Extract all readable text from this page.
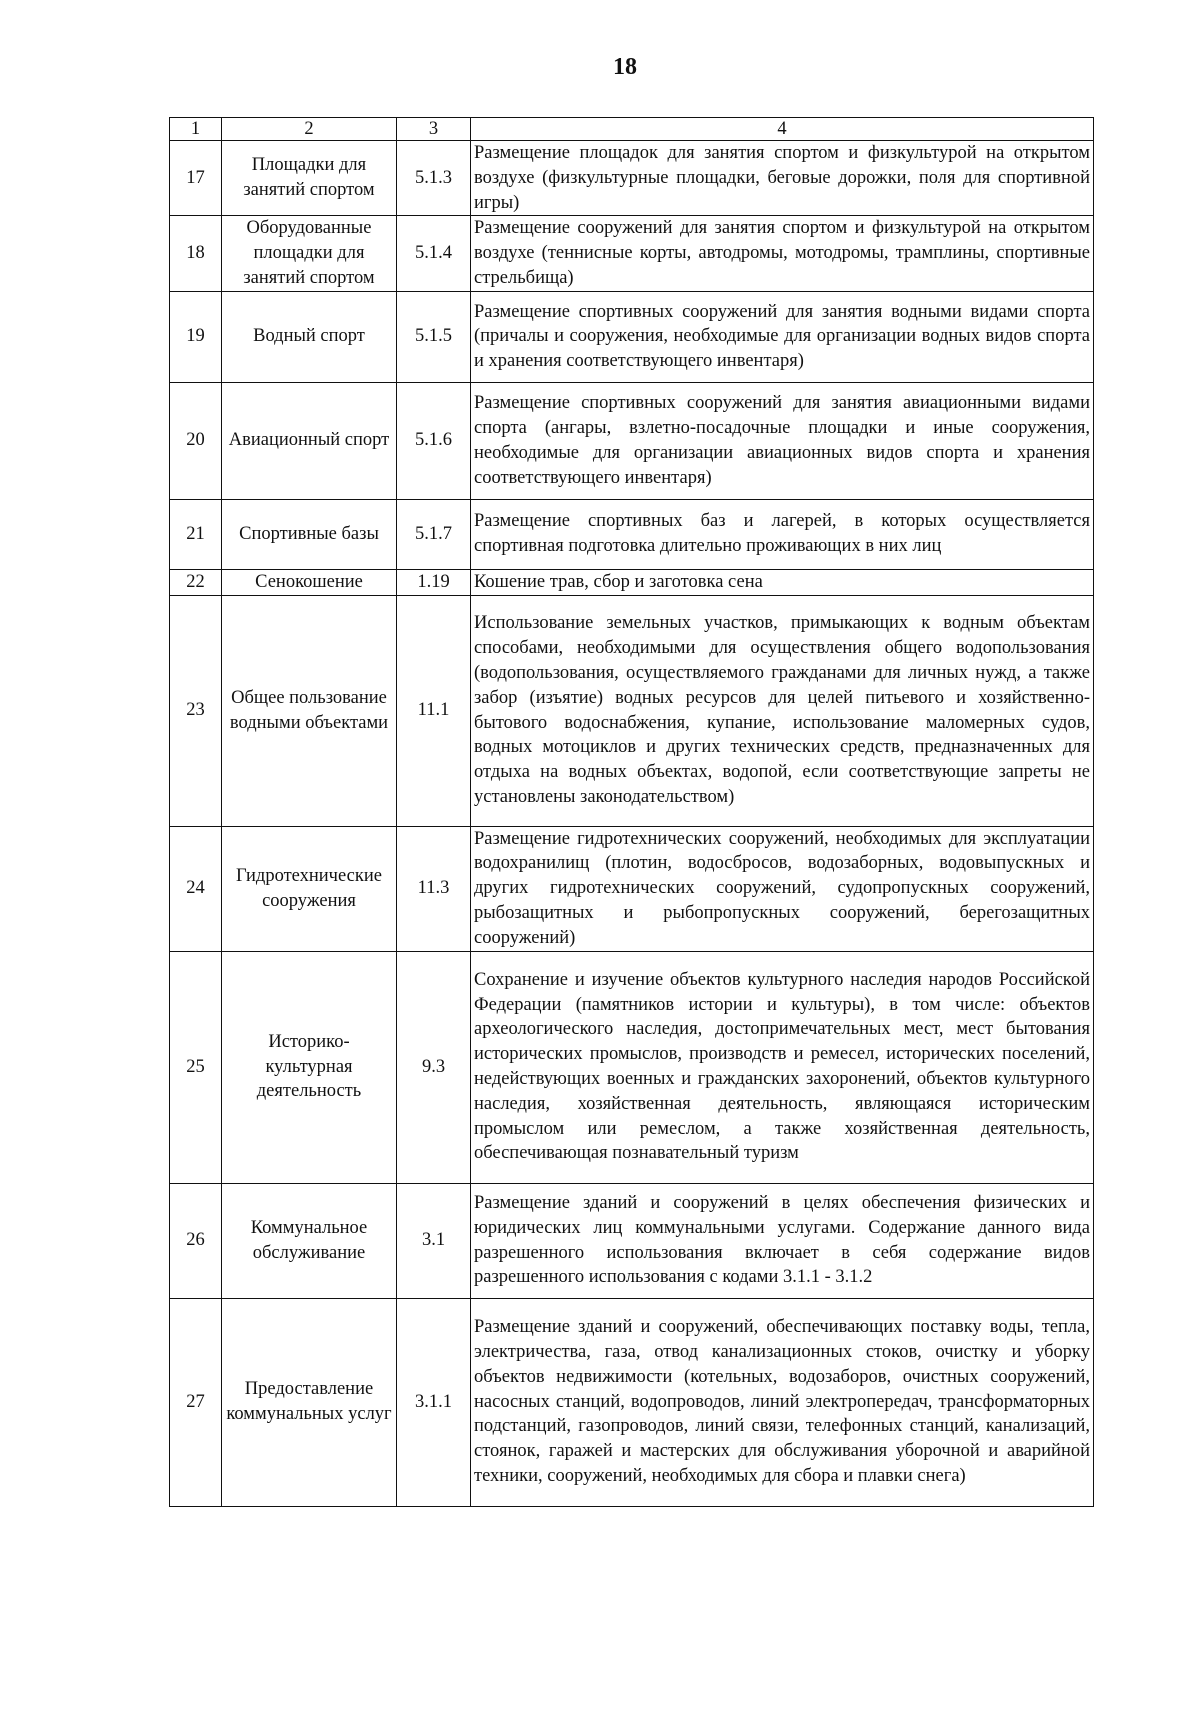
18
1	2	3	4
17	Площадки для занятий спортом	5.1.3	Размещение площадок для занятия спортом и физкультурой на открытом воздухе (физкультурные площадки, беговые дорожки, поля для спортивной игры)
18	Оборудованные площадки для занятий спортом	5.1.4	Размещение сооружений для занятия спортом и физкультурой на открытом воздухе (теннисные корты, автодромы, мотодромы, трамплины, спортивные стрельбища)
19	Водный спорт	5.1.5	Размещение спортивных сооружений для занятия водными видами спорта (причалы и сооружения, необходимые для организации водных видов спорта и хранения соответствующего инвентаря)
20	Авиационный спорт	5.1.6	Размещение спортивных сооружений для занятия авиационными видами спорта (ангары, взлетно-посадочные площадки и иные сооружения, необходимые для организации авиационных видов спорта и хранения соответствующего инвентаря)
21	Спортивные базы	5.1.7	Размещение спортивных баз и лагерей, в которых осуществляется спортивная подготовка длительно проживающих в них лиц
22	Сенокошение	1.19	Кошение трав, сбор и заготовка сена
23	Общее пользование водными объектами	11.1	Использование земельных участков, примыкающих к водным объектам способами, необходимыми для осуществления общего водопользования (водопользования, осуществляемого гражданами для личных нужд, а также забор (изъятие) водных ресурсов для целей питьевого и хозяйственно-бытового водоснабжения, купание, использование маломерных судов, водных мотоциклов и других технических средств, предназначенных для отдыха на водных объектах, водопой, если соответствующие запреты не установлены законодательством)
24	Гидротехнические сооружения	11.3	Размещение гидротехнических сооружений, необходимых для эксплуатации водохранилищ (плотин, водосбросов, водозаборных, водовыпускных и других гидротехнических сооружений, судопропускных сооружений, рыбозащитных и рыбопропускных сооружений, берегозащитных сооружений)
25	Историко-культурная деятельность	9.3	Сохранение и изучение объектов культурного наследия народов Российской Федерации (памятников истории и культуры), в том числе: объектов археологического наследия, достопримечательных мест, мест бытования исторических промыслов, производств и ремесел, исторических поселений, недействующих военных и гражданских захоронений, объектов культурного наследия, хозяйственная деятельность, являющаяся историческим промыслом или ремеслом, а также хозяйственная деятельность, обеспечивающая познавательный туризм
26	Коммунальное обслуживание	3.1	Размещение зданий и сооружений в целях обеспечения физических и юридических лиц коммунальными услугами. Содержание данного вида разрешенного использования включает в себя содержание видов разрешенного использования с кодами 3.1.1 - 3.1.2
27	Предоставление коммунальных услуг	3.1.1	Размещение зданий и сооружений, обеспечивающих поставку воды, тепла, электричества, газа, отвод канализационных стоков, очистку и уборку объектов недвижимости (котельных, водозаборов, очистных сооружений, насосных станций, водопроводов, линий электропередач, трансформаторных подстанций, газопроводов, линий связи, телефонных станций, канализаций, стоянок, гаражей и мастерских для обслуживания уборочной и аварийной техники, сооружений, необходимых для сбора и плавки снега)
